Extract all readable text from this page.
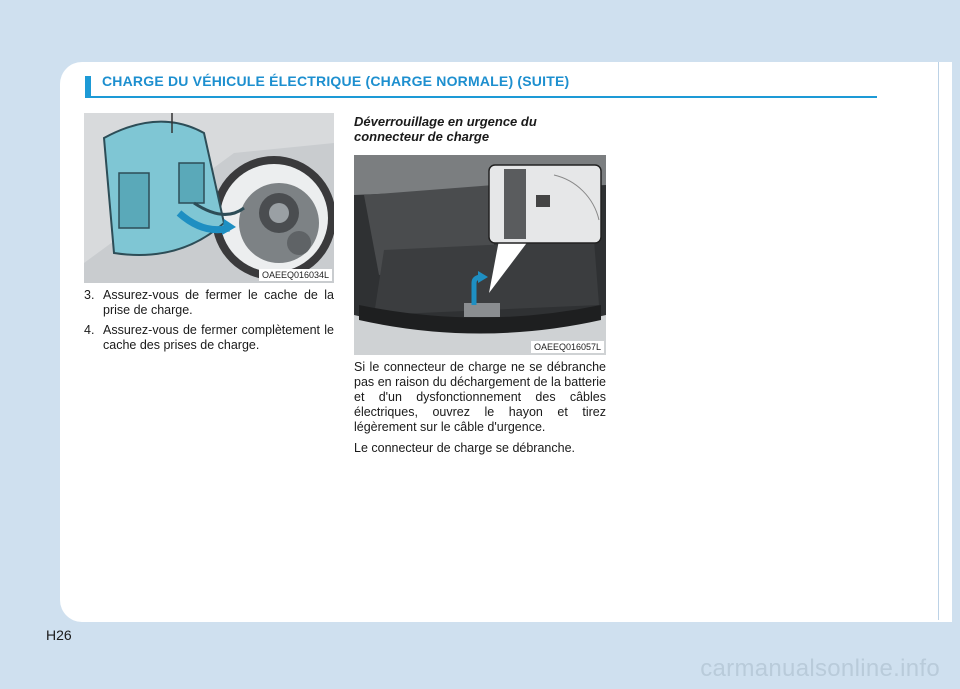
CHARGE DU VÉHICULE ÉLECTRIQUE (CHARGE NORMALE) (SUITE)
OAEEQ016034L
3. Assurez-vous de fermer le cache de la prise de charge.
4. Assurez-vous de fermer complètement le cache des prises de charge.
Déverrouillage en urgence du connecteur de charge
OAEEQ016057L

Si le connecteur de charge ne se débranche pas en raison du déchargement de la batterie et d'un dysfonctionnement des câbles électriques, ouvrez le hayon et tirez légèrement sur le câble d'urgence.

Le connecteur de charge se débranche.

H26
carmanualsonline.info
